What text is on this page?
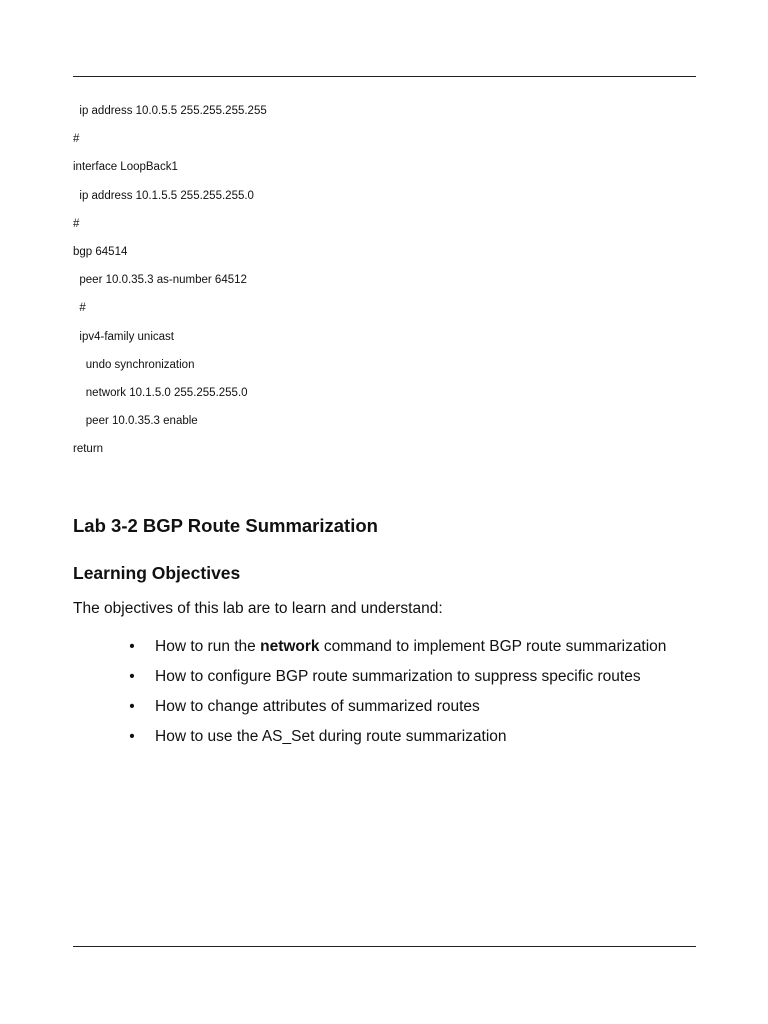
ip address 10.0.5.5 255.255.255.255
#
interface LoopBack1
ip address 10.1.5.5 255.255.255.0
#
bgp 64514
peer 10.0.35.3 as-number 64512
#
ipv4-family unicast
undo synchronization
network 10.1.5.0 255.255.255.0
peer 10.0.35.3 enable
return
Lab 3-2 BGP Route Summarization
Learning Objectives

The objectives of this lab are to learn and understand:

• How to run the network command to implement BGP route summarization
• How to configure BGP route summarization to suppress specific routes
• How to change attributes of summarized routes
• How to use the AS_Set during route summarization
